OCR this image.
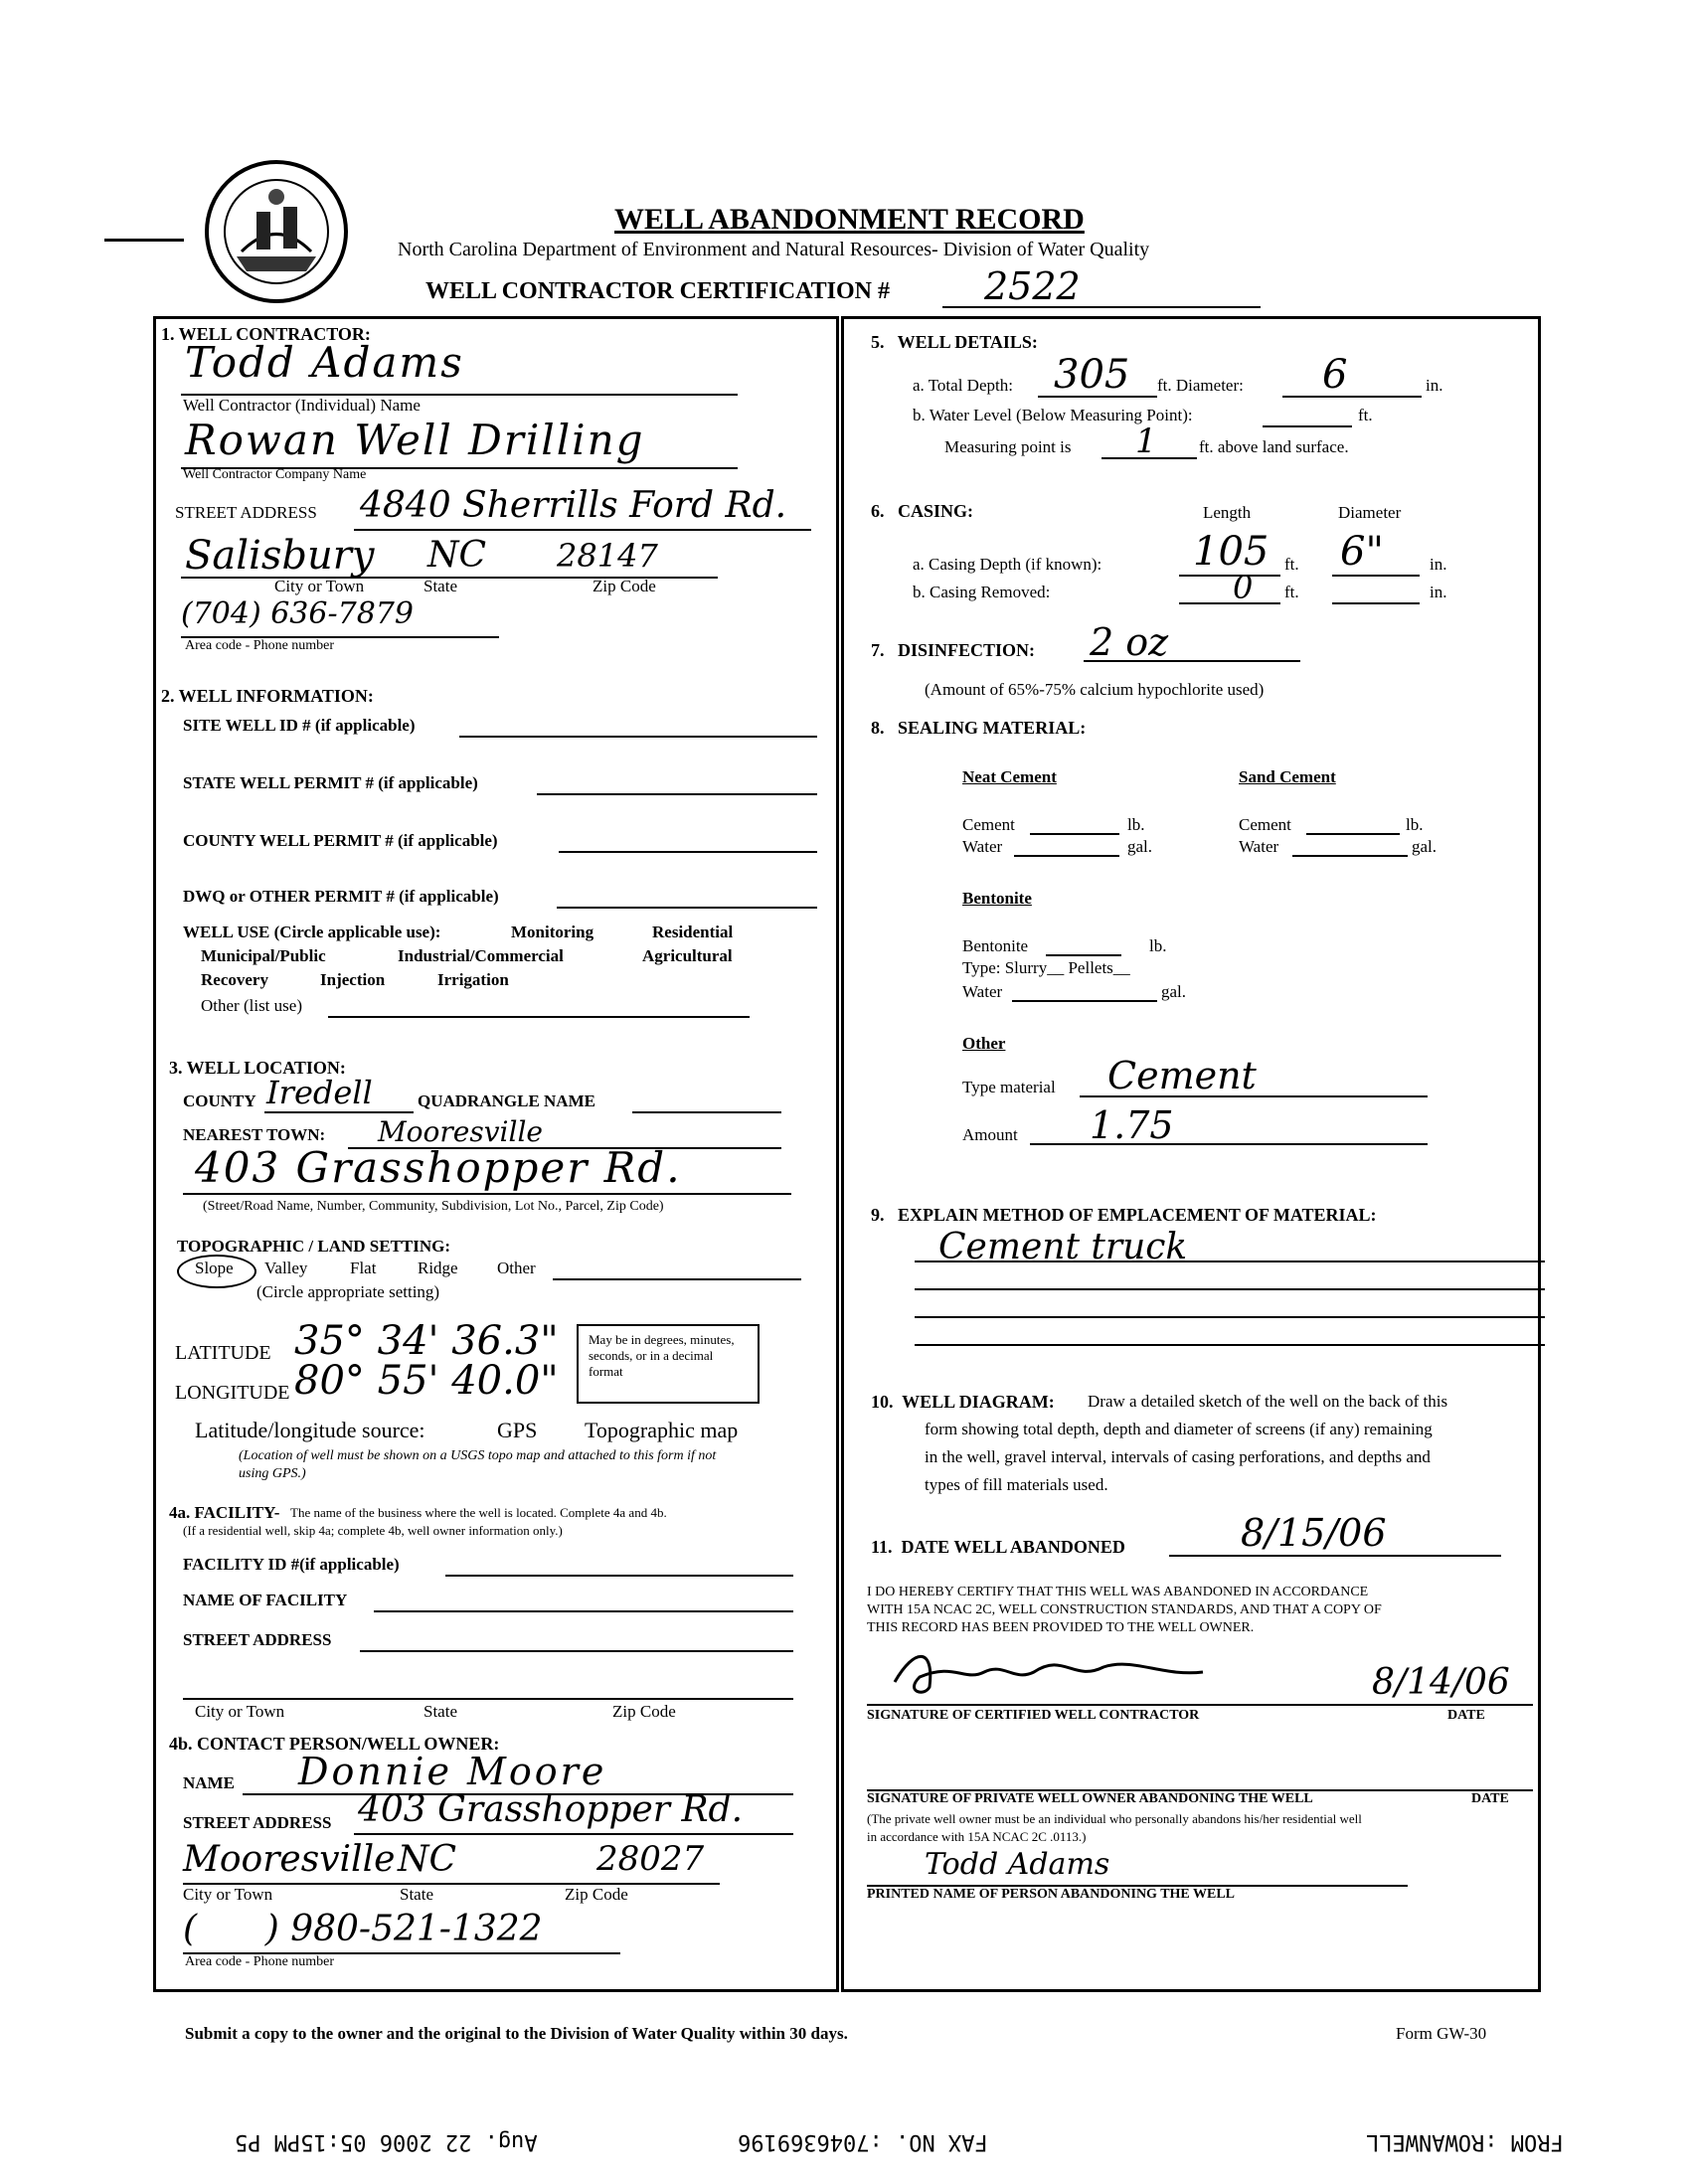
WELL ABANDONMENT RECORD
North Carolina Department of Environment and Natural Resources- Division of Water Quality
WELL CONTRACTOR CERTIFICATION # 2522
1. WELL CONTRACTOR:
Todd Adams
Well Contractor (Individual) Name
Rowan Well Drilling
Well Contractor Company Name
STREET ADDRESS 4840 Sherrills Ford Rd.
Salisbury NC 28147
City or Town	State	Zip Code
(704) 636-7879
Area code - Phone number
2. WELL INFORMATION:
SITE WELL ID # (if applicable)
STATE WELL PERMIT # (if applicable)
COUNTY WELL PERMIT # (if applicable)
DWQ or OTHER PERMIT # (if applicable)
WELL USE (Circle applicable use):	Monitoring	Residential
Municipal/Public	Industrial/Commercial	Agricultural
Recovery	Injection	Irrigation
Other (list use)
3. WELL LOCATION:
COUNTY Iredell	QUADRANGLE NAME
NEAREST TOWN: Mooresville
403 Grasshopper Rd.
(Street/Road Name, Number, Community, Subdivision, Lot No., Parcel, Zip Code)
TOPOGRAPHIC / LAND SETTING:
Slope Valley	Flat Ridge Other
(Circle appropriate setting)
LATITUDE 35° 34' 36.3"
LONGITUDE 80° 55' 40.0"
May be in degrees, minutes, seconds, or in a decimal format
Latitude/longitude source:	GPS Topographic map
(Location of well must be shown on a USGS topo map and attached to this form if not using GPS.)
4a. FACILITY- The name of the business where the well is located. Complete 4a and 4b.
(If a residential well, skip 4a; complete 4b, well owner information only.)
FACILITY ID #(if applicable)
NAME OF FACILITY
STREET ADDRESS
City or Town	State	Zip Code
4b. CONTACT PERSON/WELL OWNER:
NAME Donnie Moore
STREET ADDRESS 403 Grasshopper Rd.
Mooresville NC	28027
City or Town	State	Zip Code
(      ) 980-521-1322
Area code - Phone number
5.   WELL DETAILS:
a. Total Depth: 305 ft. Diameter: 6	in.
b. Water Level (Below Measuring Point):	ft.
Measuring point is 1 ft. above land surface.
6.   CASING:	Length	Diameter
a. Casing Depth (if known): 105 ft. 6"	in.
b. Casing Removed:	0 ft.	in.
7.   DISINFECTION: 2 oz
(Amount of 65%-75% calcium hypochlorite used)
8.   SEALING MATERIAL:
Neat Cement	Sand Cement
Cement	lb.
Water	gal.
Cement	lb.
Water	gal.
Bentonite
Bentonite	lb.
Type: Slurry__ Pellets__
Water	gal.
Other
Type material Cement
Amount 1.75
9.   EXPLAIN METHOD OF EMPLACEMENT OF MATERIAL:
Cement truck
10.  WELL DIAGRAM: Draw a detailed sketch of the well on the back of this
form showing total depth, depth and diameter of screens (if any) remaining
in the well, gravel interval, intervals of casing perforations, and depths and
types of fill materials used.
11.  DATE WELL ABANDONED	8/15/06
I DO HEREBY CERTIFY THAT THIS WELL WAS ABANDONED IN ACCORDANCE
WITH 15A NCAC 2C, WELL CONSTRUCTION STANDARDS, AND THAT A COPY OF
THIS RECORD HAS BEEN PROVIDED TO THE WELL OWNER.
8/14/06
SIGNATURE OF CERTIFIED WELL CONTRACTOR	DATE
SIGNATURE OF PRIVATE WELL OWNER ABANDONING THE WELL	DATE
(The private well owner must be an individual who personally abandons his/her residential well
in accordance with 15A NCAC 2C .0113.)
Todd Adams
PRINTED NAME OF PERSON ABANDONING THE WELL
Submit a copy to the owner and the original to the Division of Water Quality within 30 days.	Form GW-30
Aug. 22 2006 05:15PM P5	FAX NO. :7046369196	FROM :ROWANWELL
